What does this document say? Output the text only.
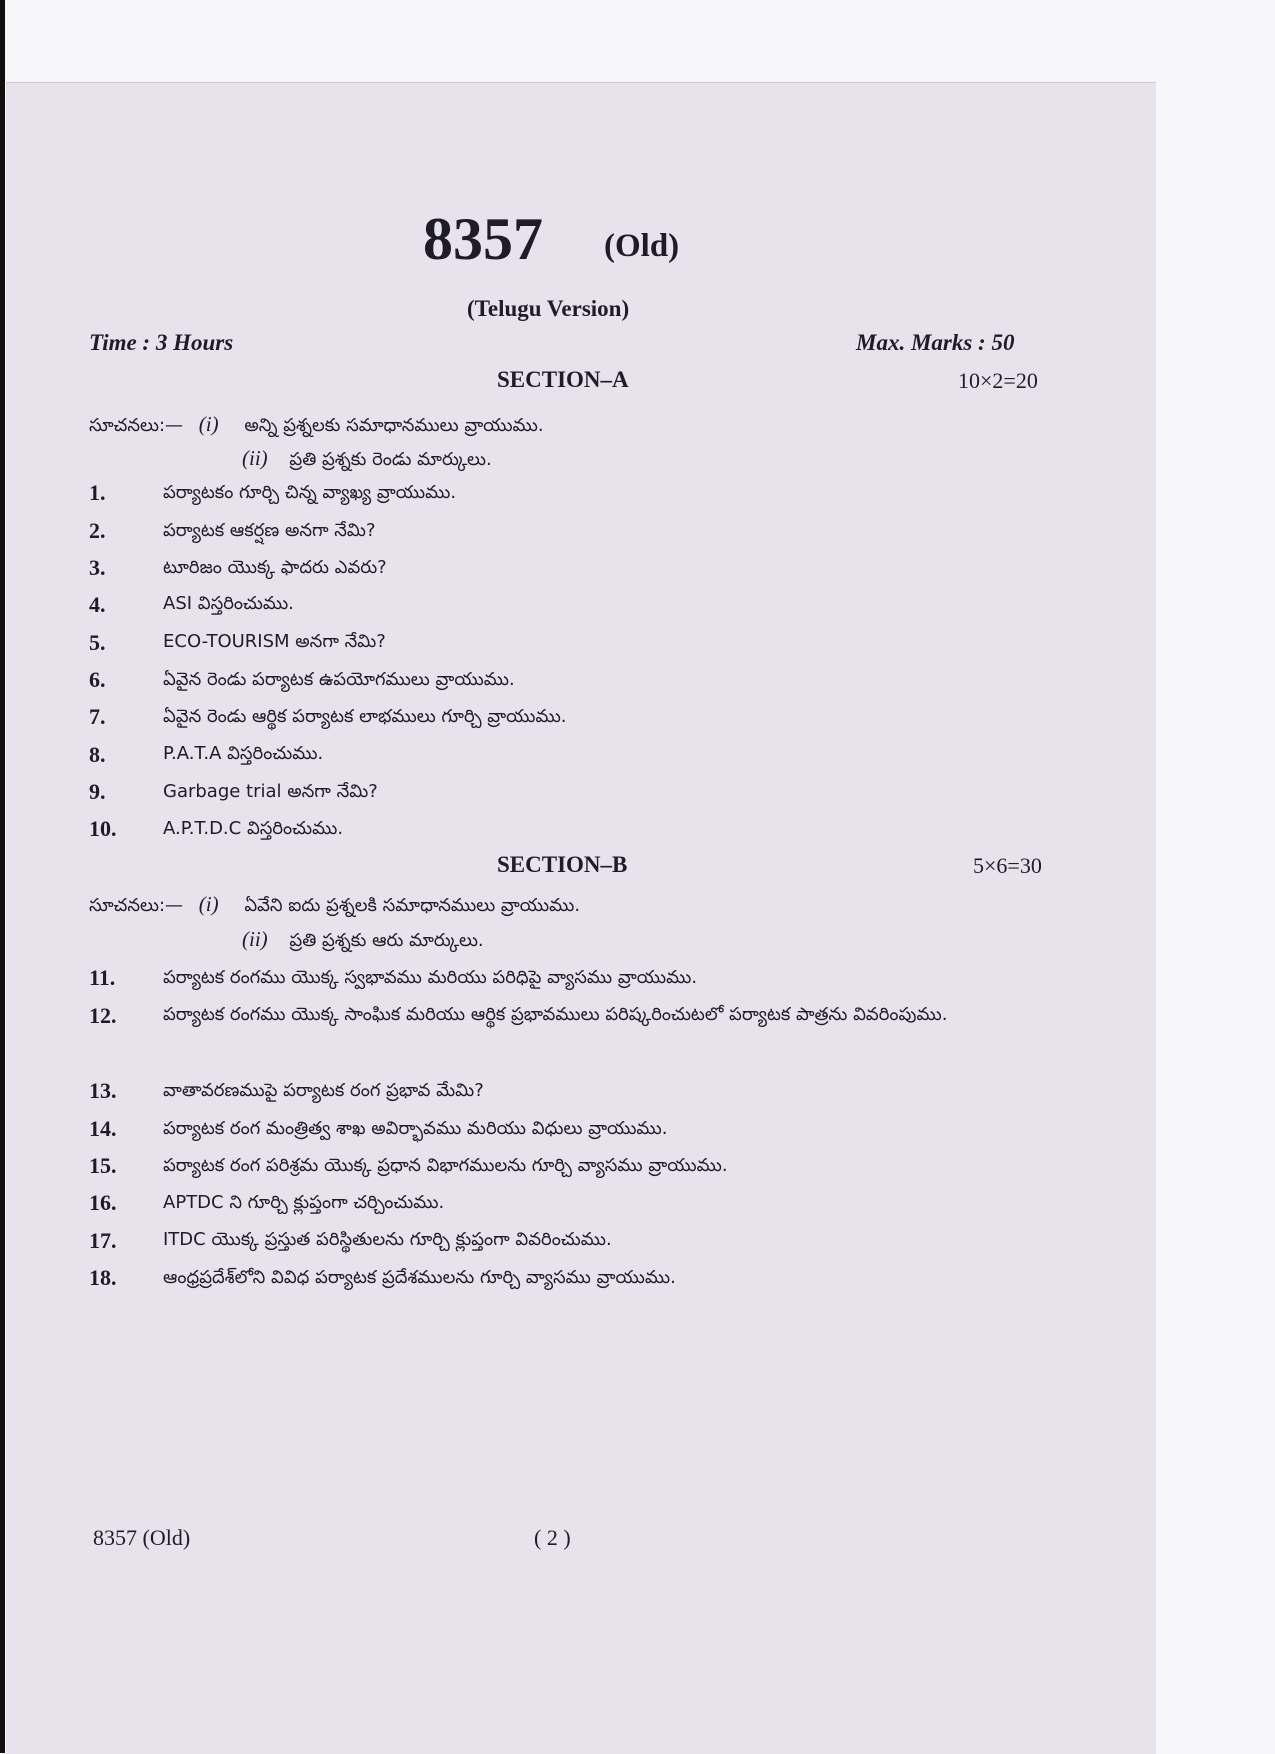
8357 (Old)
(Telugu Version)
Time : 3 Hours	Max. Marks : 50
SECTION–A	10×2=20
సూచనలు:— (i) అన్ని ప్రశ్నలకు సమాధానములు వ్రాయుము.
(ii) ప్రతి ప్రశ్నకు రెండు మార్కులు.
1.	పర్యాటకం గూర్చి చిన్న వ్యాఖ్య వ్రాయుము.
2.	పర్యాటక ఆకర్షణ అనగా నేమి?
3.	టూరిజం యొక్క ఫాదరు ఎవరు?
4.	ASI విస్తరించుము.
5.	ECO-TOURISM అనగా నేమి?
6.	ఏవైన రెండు పర్యాటక ఉపయోగములు వ్రాయుము.
7.	ఏవైన రెండు ఆర్థిక పర్యాటక లాభములు గూర్చి వ్రాయుము.
8.	P.A.T.A విస్తరించుము.
9.	Garbage trial అనగా నేమి?
10.	A.P.T.D.C విస్తరించుము.
SECTION–B	5×6=30
సూచనలు:— (i) ఏవేని ఐదు ప్రశ్నలకి సమాధానములు వ్రాయుము.
(ii) ప్రతి ప్రశ్నకు ఆరు మార్కులు.
11.	పర్యాటక రంగము యొక్క స్వభావము మరియు పరిధిపై వ్యాసము వ్రాయుము.
12.	పర్యాటక రంగము యొక్క సాంఘిక మరియు ఆర్థిక ప్రభావములు పరిష్కరించుటలో పర్యాటక పాత్రను వివరింపుము.
13.	వాతావరణముపై పర్యాటక రంగ ప్రభావ మేమి?
14.	పర్యాటక రంగ మంత్రిత్వ శాఖ అవిర్భావము మరియు విధులు వ్రాయుము.
15.	పర్యాటక రంగ పరిశ్రమ యొక్క ప్రధాన విభాగములను గూర్చి వ్యాసము వ్రాయుము.
16.	APTDC ని గూర్చి క్లుప్తంగా చర్చించుము.
17.	ITDC యొక్క ప్రస్తుత పరిస్థితులను గూర్చి క్లుప్తంగా వివరించుము.
18.	ఆంధ్రప్రదేశ్‌లోని వివిధ పర్యాటక ప్రదేశములను గూర్చి వ్యాసము వ్రాయుము.
8357 (Old)	( 2 )
